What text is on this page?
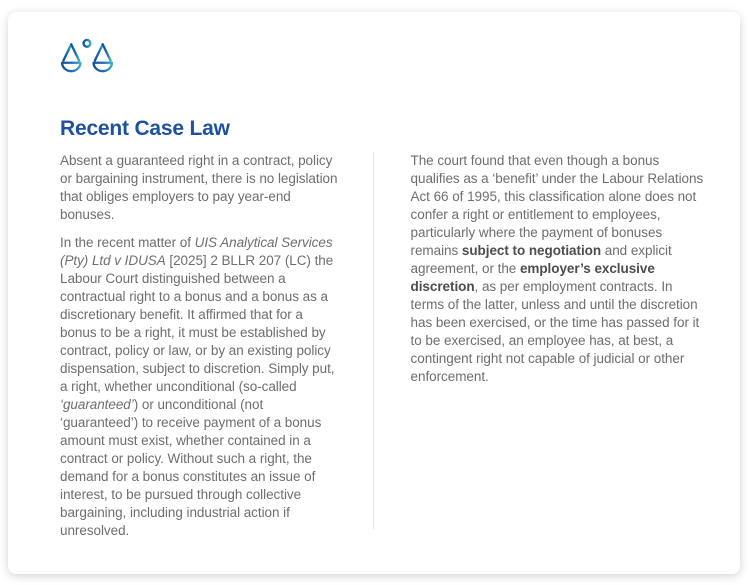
Recent Case Law

Absent a guaranteed right in a contract, policy or bargaining instrument, there is no legislation that obliges employers to pay year-end bonuses.

In the recent matter of UIS Analytical Services (Pty) Ltd v IDUSA [2025] 2 BLLR 207 (LC) the Labour Court distinguished between a contractual right to a bonus and a bonus as a discretionary benefit. It affirmed that for a bonus to be a right, it must be established by contract, policy or law, or by an existing policy dispensation, subject to discretion. Simply put, a right, whether unconditional (so-called ‘guaranteed’) or unconditional (not ‘guaranteed’) to receive payment of a bonus amount must exist, whether contained in a contract or policy. Without such a right, the demand for a bonus constitutes an issue of interest, to be pursued through collective bargaining, including industrial action if unresolved.

The court found that even though a bonus qualifies as a ‘benefit’ under the Labour Relations Act 66 of 1995, this classification alone does not confer a right or entitlement to employees, particularly where the payment of bonuses remains subject to negotiation and explicit agreement, or the employer’s exclusive discretion, as per employment contracts. In terms of the latter, unless and until the discretion has been exercised, or the time has passed for it to be exercised, an employee has, at best, a contingent right not capable of judicial or other enforcement.
